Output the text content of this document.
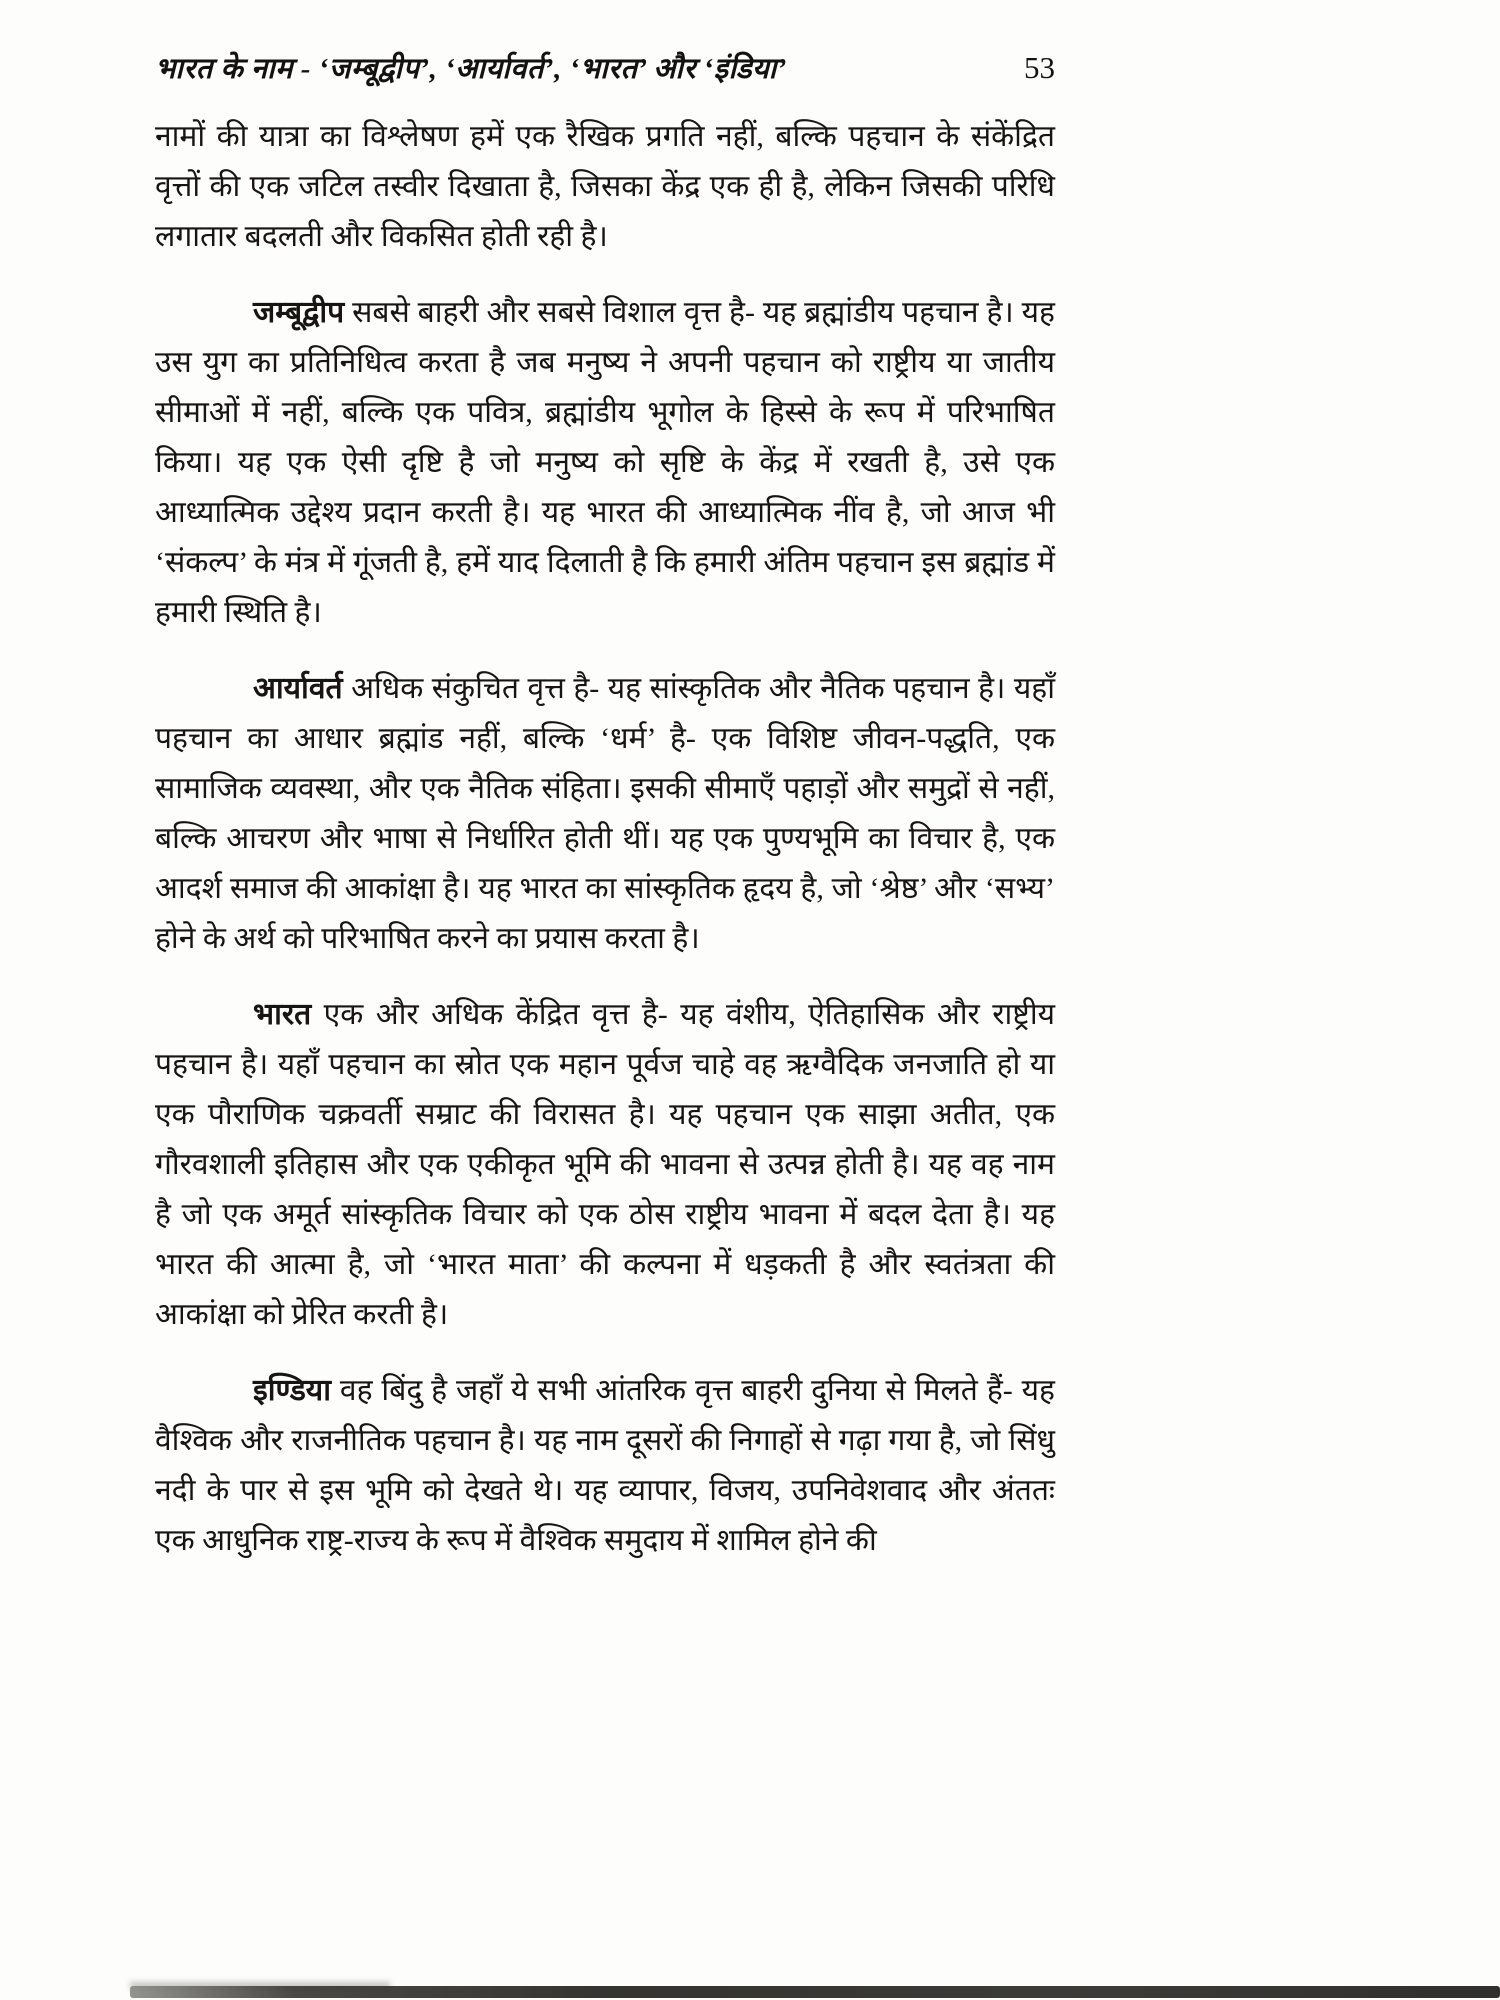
भारत के नाम - ‘जम्बूद्वीप’, ‘आर्यावर्त’, ‘भारत’ और ‘इंडिया’	53

नामों की यात्रा का विश्लेषण हमें एक रैखिक प्रगति नहीं, बल्कि पहचान के संकेंद्रित वृत्तों की एक जटिल तस्वीर दिखाता है, जिसका केंद्र एक ही है, लेकिन जिसकी परिधि लगातार बदलती और विकसित होती रही है।

जम्बूद्वीप सबसे बाहरी और सबसे विशाल वृत्त है- यह ब्रह्मांडीय पहचान है। यह उस युग का प्रतिनिधित्व करता है जब मनुष्य ने अपनी पहचान को राष्ट्रीय या जातीय सीमाओं में नहीं, बल्कि एक पवित्र, ब्रह्मांडीय भूगोल के हिस्से के रूप में परिभाषित किया। यह एक ऐसी दृष्टि है जो मनुष्य को सृष्टि के केंद्र में रखती है, उसे एक आध्यात्मिक उद्देश्य प्रदान करती है। यह भारत की आध्यात्मिक नींव है, जो आज भी ‘संकल्प’ के मंत्र में गूंजती है, हमें याद दिलाती है कि हमारी अंतिम पहचान इस ब्रह्मांड में हमारी स्थिति है।

आर्यावर्त अधिक संकुचित वृत्त है- यह सांस्कृतिक और नैतिक पहचान है। यहाँ पहचान का आधार ब्रह्मांड नहीं, बल्कि ‘धर्म’ है- एक विशिष्ट जीवन-पद्धति, एक सामाजिक व्यवस्था, और एक नैतिक संहिता। इसकी सीमाएँ पहाड़ों और समुद्रों से नहीं, बल्कि आचरण और भाषा से निर्धारित होती थीं। यह एक पुण्यभूमि का विचार है, एक आदर्श समाज की आकांक्षा है। यह भारत का सांस्कृतिक हृदय है, जो ‘श्रेष्ठ’ और ‘सभ्य’ होने के अर्थ को परिभाषित करने का प्रयास करता है।

भारत एक और अधिक केंद्रित वृत्त है- यह वंशीय, ऐतिहासिक और राष्ट्रीय पहचान है। यहाँ पहचान का स्रोत एक महान पूर्वज चाहे वह ऋग्वैदिक जनजाति हो या एक पौराणिक चक्रवर्ती सम्राट की विरासत है। यह पहचान एक साझा अतीत, एक गौरवशाली इतिहास और एक एकीकृत भूमि की भावना से उत्पन्न होती है। यह वह नाम है जो एक अमूर्त सांस्कृतिक विचार को एक ठोस राष्ट्रीय भावना में बदल देता है। यह भारत की आत्मा है, जो ‘भारत माता’ की कल्पना में धड़कती है और स्वतंत्रता की आकांक्षा को प्रेरित करती है।

इण्डिया वह बिंदु है जहाँ ये सभी आंतरिक वृत्त बाहरी दुनिया से मिलते हैं- यह वैश्विक और राजनीतिक पहचान है। यह नाम दूसरों की निगाहों से गढ़ा गया है, जो सिंधु नदी के पार से इस भूमि को देखते थे। यह व्यापार, विजय, उपनिवेशवाद और अंततः एक आधुनिक राष्ट्र-राज्य के रूप में वैश्विक समुदाय में शामिल होने की
